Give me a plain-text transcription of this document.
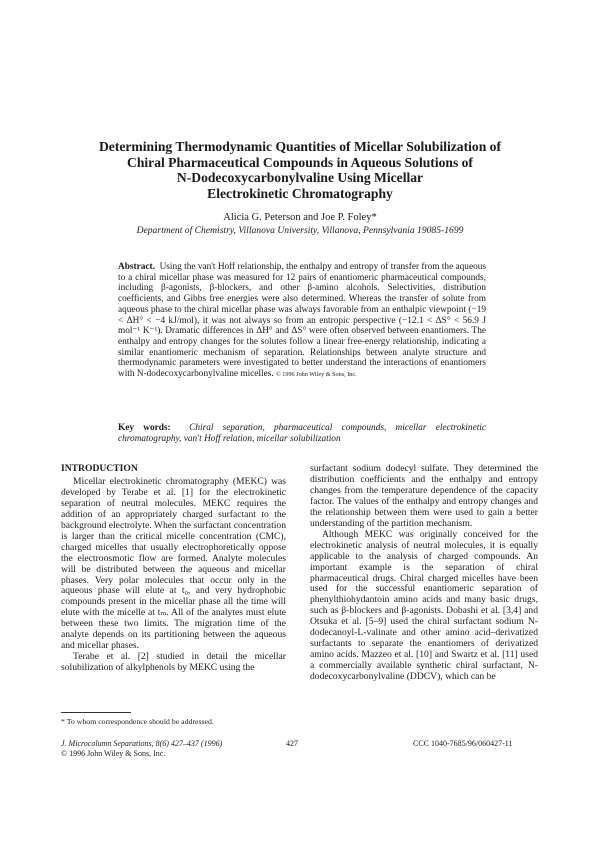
Determining Thermodynamic Quantities of Micellar Solubilization of
Chiral Pharmaceutical Compounds in Aqueous Solutions of
N-Dodecoxycarbonylvaline Using Micellar
Electrokinetic Chromatography
Alicia G. Peterson and Joe P. Foley*
Department of Chemistry, Villanova University, Villanova, Pennsylvania 19085-1699
Abstract. Using the van't Hoff relationship, the enthalpy and entropy of transfer from the aqueous to a chiral micellar phase was measured for 12 pairs of enantiomeric pharmaceutical compounds, including β-agonists, β-blockers, and other β-amino alcohols. Selectivities, distribution coefficients, and Gibbs free energies were also determined. Whereas the transfer of solute from aqueous phase to the chiral micellar phase was always favorable from an enthalpic viewpoint (−19 < ΔH° < −4 kJ/mol), it was not always so from an entropic perspective (−12.1 < ΔS° < 56.9 J mol⁻¹ K⁻¹). Dramatic differences in ΔH° and ΔS° were often observed between enantiomers. The enthalpy and entropy changes for the solutes follow a linear free-energy relationship, indicating a similar enantiomeric mechanism of separation. Relationships between analyte structure and thermodynamic parameters were investigated to better understand the interactions of enantiomers with N-dodecoxycarbonylvaline micelles. © 1996 John Wiley & Sons, Inc.
Key words: Chiral separation, pharmaceutical compounds, micellar electrokinetic chromatography, van't Hoff relation, micellar solubilization

INTRODUCTION

Micellar electrokinetic chromatography (MEKC) was developed by Terabe et al. [1] for the electrokinetic separation of neutral molecules. MEKC requires the addition of an appropriately charged surfactant to the background electrolyte. When the surfactant concentration is larger than the critical micelle concentration (CMC), charged micelles that usually electrophoretically oppose the electroosmotic flow are formed. Analyte molecules will be distributed between the aqueous and micellar phases. Very polar molecules that occur only in the aqueous phase will elute at t₀, and very hydrophobic compounds present in the micellar phase all the time will elute with the micelle at tₘ. All of the analytes must elute between these two limits. The migration time of the analyte depends on its partitioning between the aqueous and micellar phases.

Terabe et al. [2] studied in detail the micellar solubilization of alkylphenols by MEKC using the

surfactant sodium dodecyl sulfate. They determined the distribution coefficients and the enthalpy and entropy changes from the temperature dependence of the capacity factor. The values of the enthalpy and entropy changes and the relationship between them were used to gain a better understanding of the partition mechanism.

Although MEKC was originally conceived for the electrokinetic analysis of neutral molecules, it is equally applicable to the analysis of charged compounds. An important example is the separation of chiral pharmaceutical drugs. Chiral charged micelles have been used for the successful enantiomeric separation of phenylthiohydantoin amino acids and many basic drugs, such as β-blockers and β-agonists. Dobashi et al. [3,4] and Otsuka et al. [5–9] used the chiral surfactant sodium N-dodecanoyl-L-valinate and other amino acid–derivatized surfactants to separate the enantiomers of derivatized amino acids. Mazzeo et al. [10] and Swartz et al. [11] used a commercially available synthetic chiral surfactant, N-dodecoxycarbonylvaline (DDCV), which can be

* To whom correspondence should be addressed.
J. Microcolumn Separations, 8(6) 427–437 (1996)
© 1996 John Wiley & Sons, Inc.
427	CCC 1040-7685/96/060427-11
